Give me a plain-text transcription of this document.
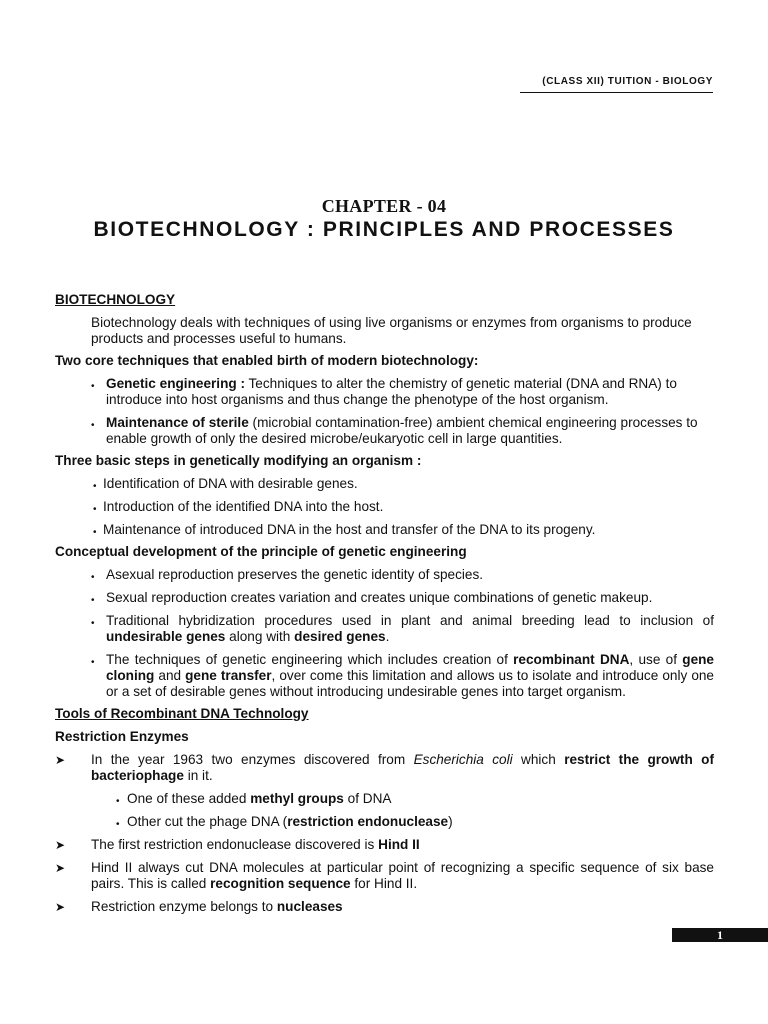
(CLASS XII) TUITION - BIOLOGY
CHAPTER - 04
BIOTECHNOLOGY : PRINCIPLES AND PROCESSES
BIOTECHNOLOGY

Biotechnology deals with techniques of using live organisms or enzymes from organisms to produce products and processes useful to humans.

Two core techniques that enabled birth of modern biotechnology:
• Genetic engineering : Techniques to alter the chemistry of genetic material (DNA and RNA) to introduce into host organisms and thus change the phenotype of the host organism.
• Maintenance of sterile (microbial contamination-free) ambient chemical engineering processes to enable growth of only the desired microbe/eukaryotic cell in large quantities.
Three basic steps in genetically modifying an organism :
• Identification of DNA with desirable genes.
• Introduction of the identified DNA into the host.
• Maintenance of introduced DNA in the host and transfer of the DNA to its progeny.
Conceptual development of the principle of genetic engineering
• Asexual reproduction preserves the genetic identity of species.
• Sexual reproduction creates variation and creates unique combinations of genetic makeup.
• Traditional hybridization procedures used in plant and animal breeding lead to inclusion of undesirable genes along with desired genes.
• The techniques of genetic engineering which includes creation of recombinant DNA, use of gene cloning and gene transfer, over come this limitation and allows us to isolate and introduce only one or a set of desirable genes without introducing undesirable genes into target organism.
Tools of Recombinant DNA Technology
Restriction Enzymes
➤ In the year 1963 two enzymes discovered from Escherichia coli which restrict the growth of bacteriophage in it.
• One of these added methyl groups of DNA
• Other cut the phage DNA (restriction endonuclease)
➤ The first restriction endonuclease discovered is Hind II
➤ Hind II always cut DNA molecules at particular point of recognizing a specific sequence of six base pairs. This is called recognition sequence for Hind II.
➤ Restriction enzyme belongs to nucleases
1
